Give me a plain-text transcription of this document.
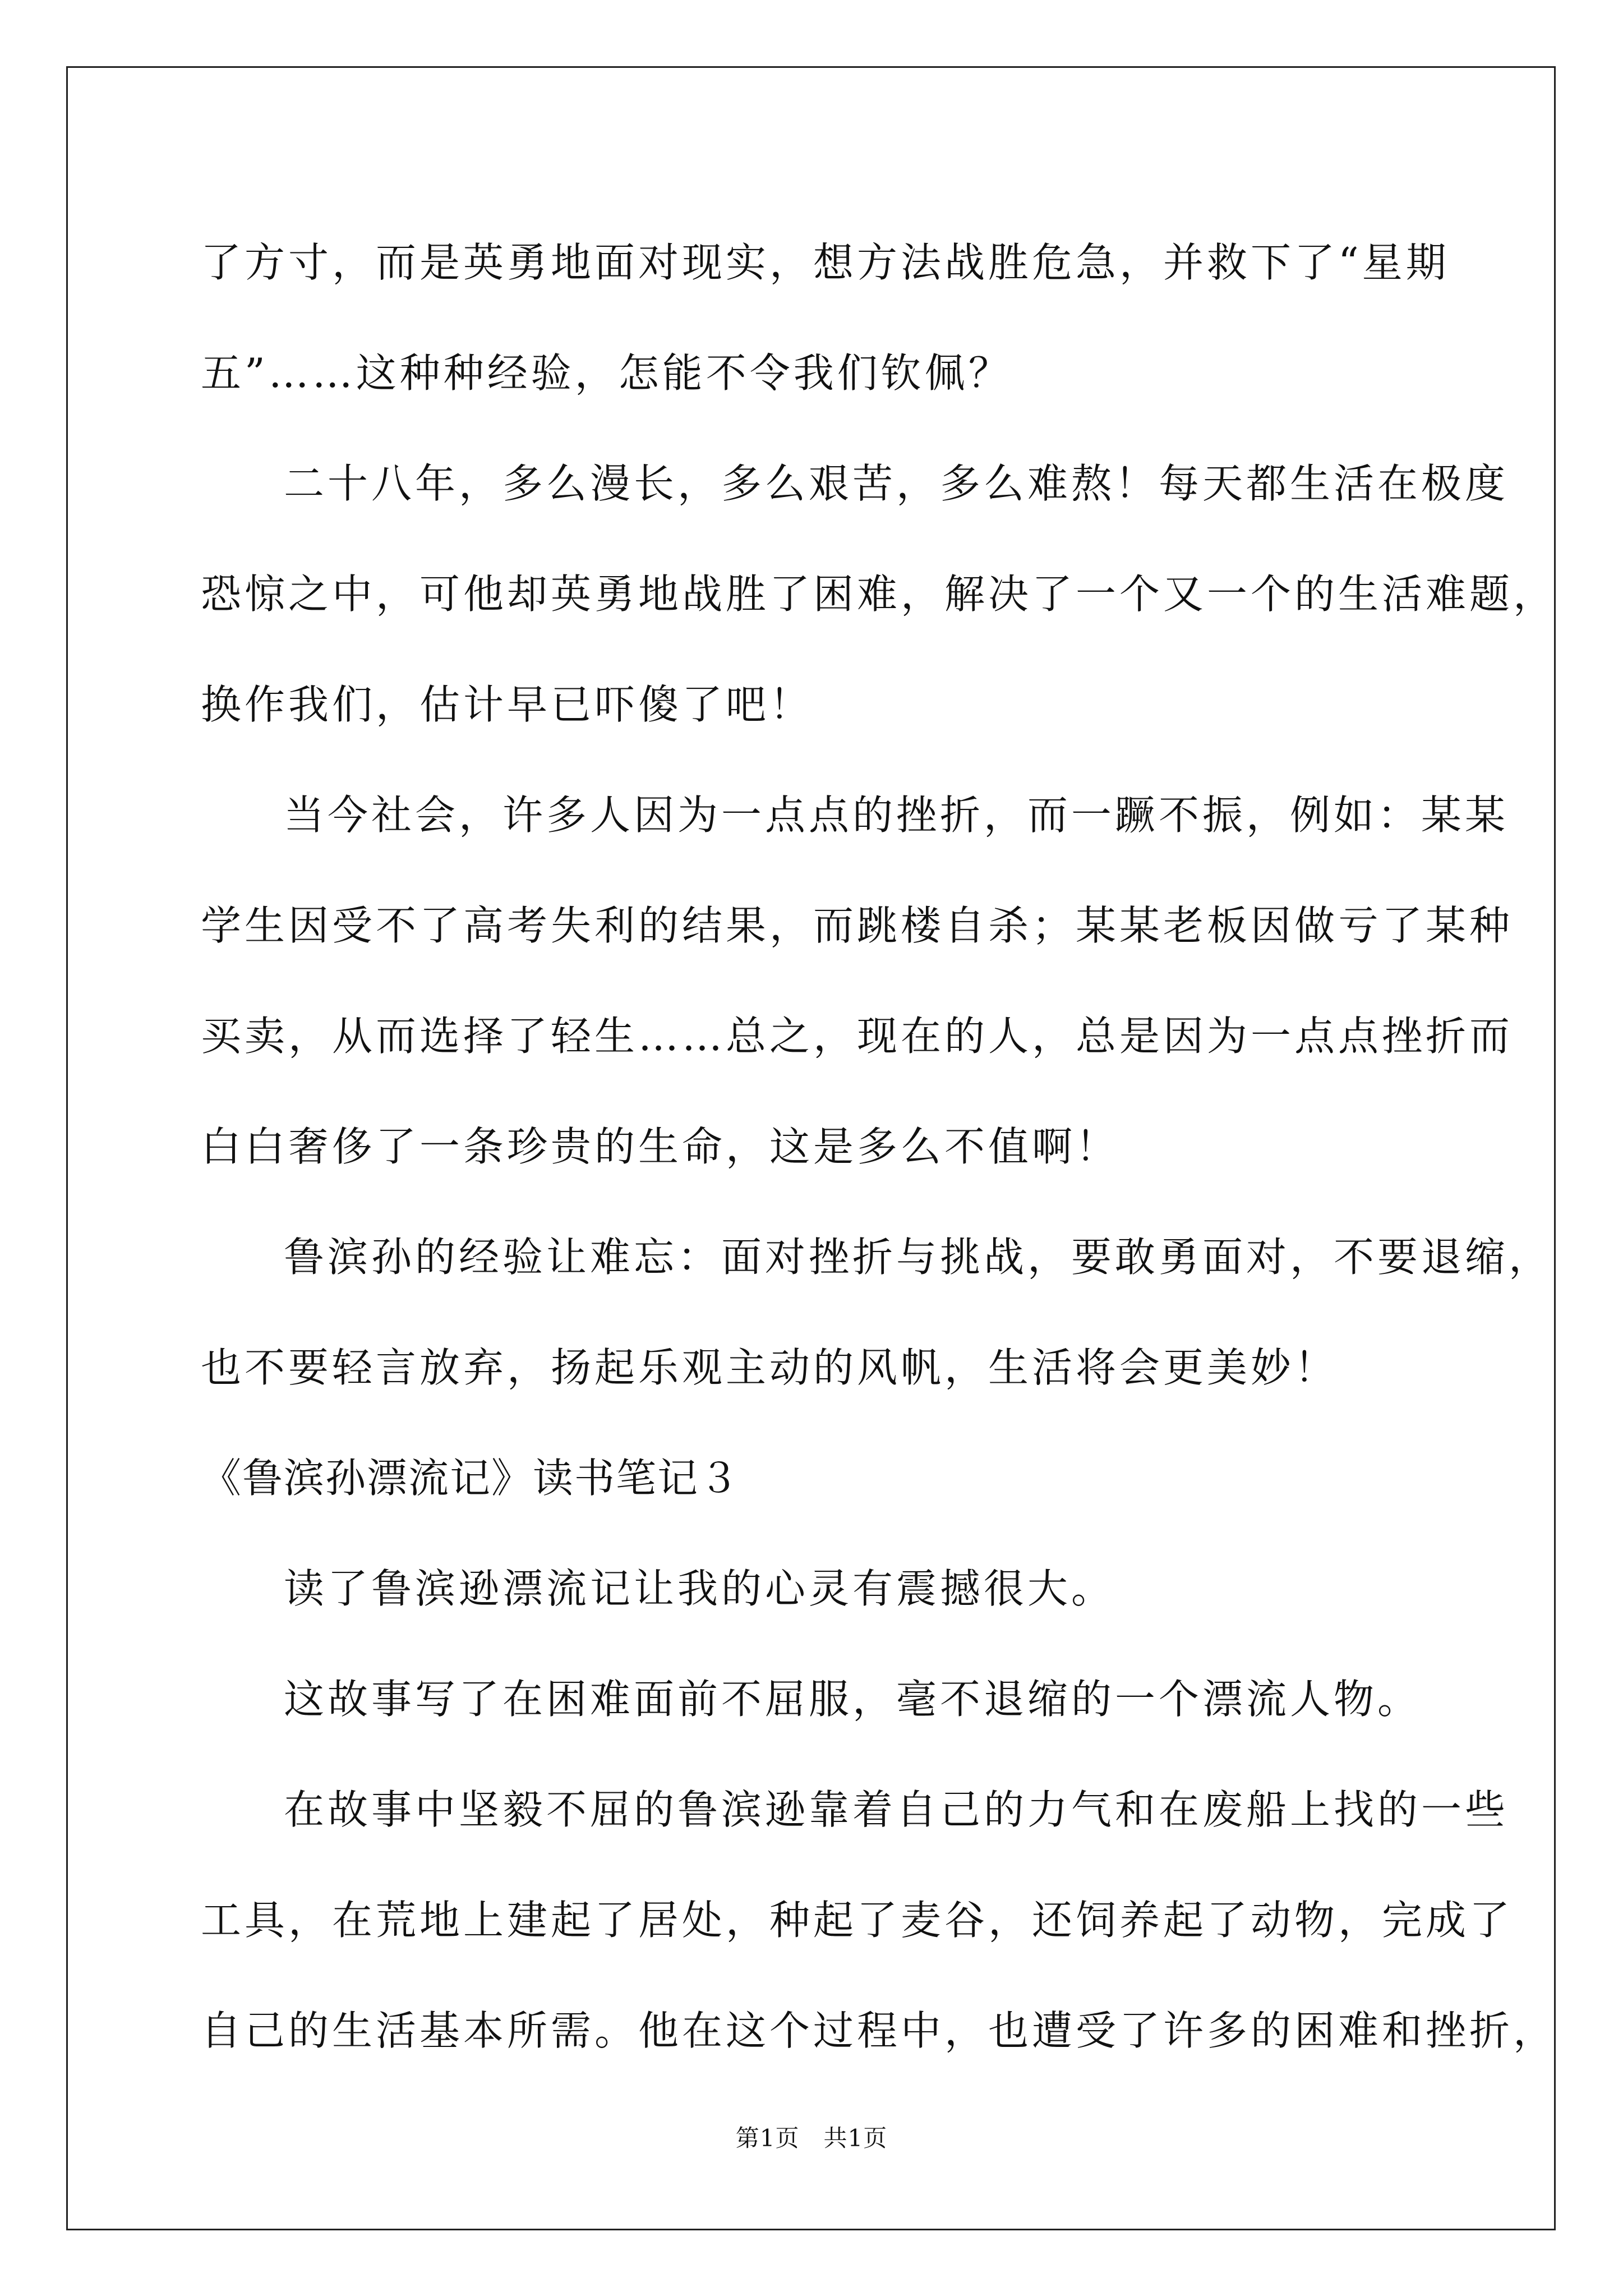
了方寸，而是英勇地面对现实，想方法战胜危急，并救下了“星期
五”……这种种经验，怎能不令我们钦佩？
二十八年，多么漫长，多么艰苦，多么难熬！每天都生活在极度
恐惊之中，可他却英勇地战胜了困难，解决了一个又一个的生活难题，
换作我们，估计早已吓傻了吧！
当今社会，许多人因为一点点的挫折，而一蹶不振，例如：某某
学生因受不了高考失利的结果，而跳楼自杀；某某老板因做亏了某种
买卖，从而选择了轻生……总之，现在的人，总是因为一点点挫折而
白白奢侈了一条珍贵的生命，这是多么不值啊！
鲁滨孙的经验让难忘：面对挫折与挑战，要敢勇面对，不要退缩，
也不要轻言放弃，扬起乐观主动的风帆，生活将会更美妙！
《鲁滨孙漂流记》读书笔记３
读了鲁滨逊漂流记让我的心灵有震撼很大。
这故事写了在困难面前不屈服，毫不退缩的一个漂流人物。
在故事中坚毅不屈的鲁滨逊靠着自己的力气和在废船上找的一些
工具，在荒地上建起了居处，种起了麦谷，还饲养起了动物，完成了
自己的生活基本所需。他在这个过程中，也遭受了许多的困难和挫折，
第1页　共1页
